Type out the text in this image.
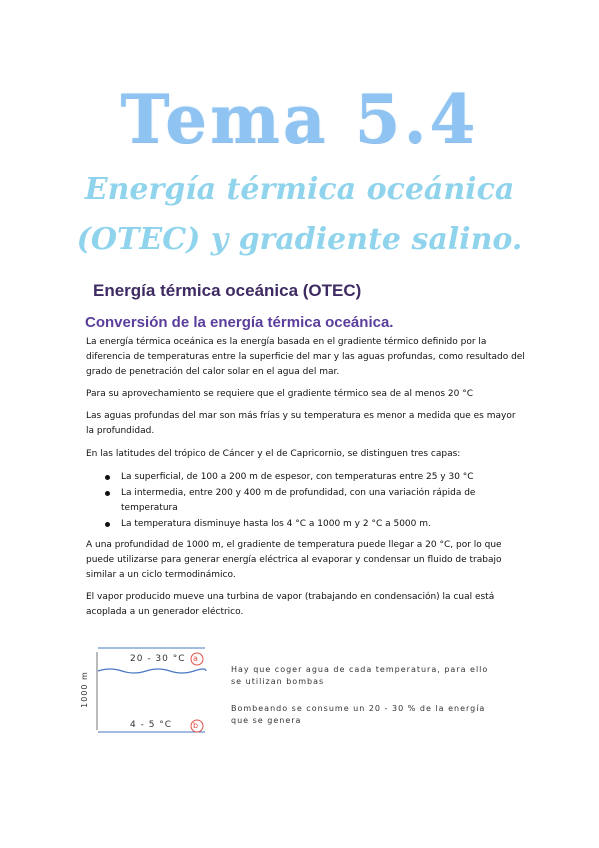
Tema 5.4
Energía térmica oceánica
(OTEC) y gradiente salino.
Energía térmica oceánica (OTEC)
Conversión de la energía térmica oceánica.

La energía térmica oceánica es la energía basada en el gradiente térmico definido por la diferencia de temperaturas entre la superficie del mar y las aguas profundas, como resultado del grado de penetración del calor solar en el agua del mar.

Para su aprovechamiento se requiere que el gradiente térmico sea de al menos 20 °C

Las aguas profundas del mar son más frías y su temperatura es menor a medida que es mayor la profundidad.

En las latitudes del trópico de Cáncer y el de Capricornio, se distinguen tres capas:

La superficial, de 100 a 200 m de espesor, con temperaturas entre 25 y 30 °C
La intermedia, entre 200 y 400 m de profundidad, con una variación rápida de temperatura
La temperatura disminuye hasta los 4 °C a 1000 m y 2 °C a 5000 m.

A una profundidad de 1000 m, el gradiente de temperatura puede llegar a 20 °C, por lo que puede utilizarse para generar energía eléctrica al evaporar y condensar un fluido de trabajo similar a un ciclo termodinámico.

El vapor producido mueve una turbina de vapor (trabajando en condensación) la cual está acoplada a un generador eléctrico.

20 - 30 °C a
4 - 5 °C	b
1000 m
Hay que coger agua de cada temperatura, para ello se utilizan bombas
Bombeando se consume un 20 - 30 % de la energía que se genera
